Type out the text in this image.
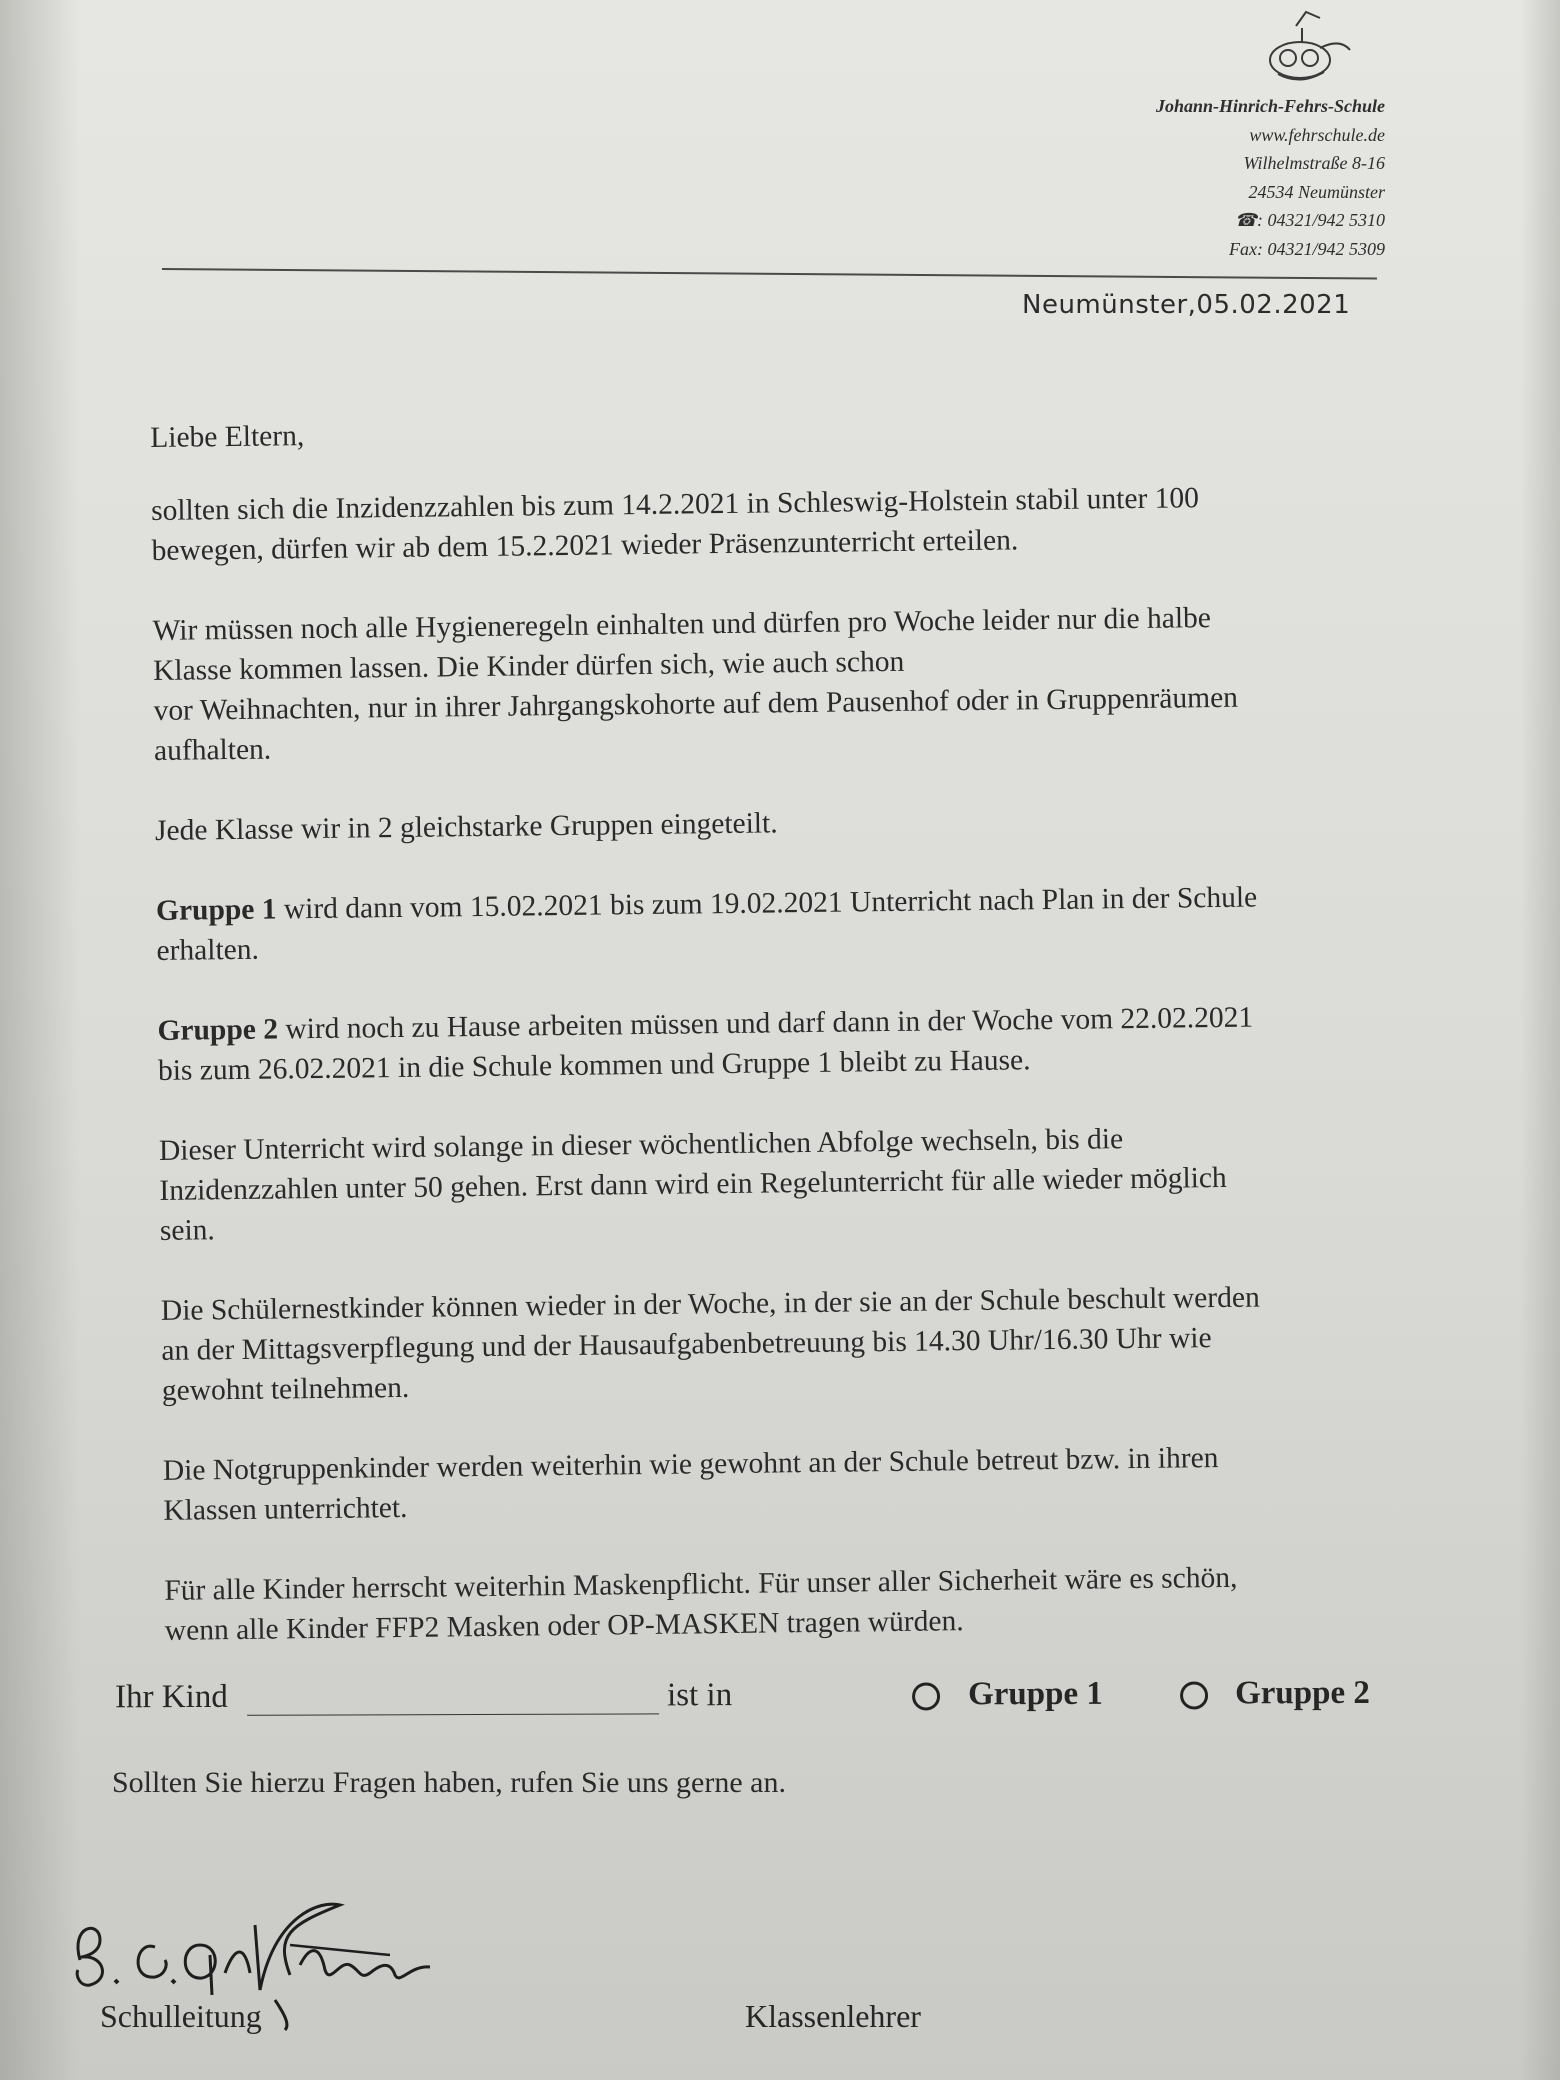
Johann-Hinrich-Fehrs-Schule
www.fehrschule.de
Wilhelmstraße 8-16
24534 Neumünster
☎: 04321/942 5310
Fax: 04321/942 5309
Neumünster,05.02.2021

Liebe Eltern,

sollten sich die Inzidenzzahlen bis zum 14.2.2021 in Schleswig-Holstein stabil unter 100

bewegen, dürfen wir ab dem 15.2.2021 wieder Präsenzunterricht erteilen.

Wir müssen noch alle Hygieneregeln einhalten und dürfen pro Woche leider nur die halbe

Klasse kommen lassen. Die Kinder dürfen sich, wie auch schon

vor Weihnachten, nur in ihrer Jahrgangskohorte auf dem Pausenhof oder in Gruppenräumen

aufhalten.

Jede Klasse wir in 2 gleichstarke Gruppen eingeteilt.

Gruppe 1 wird dann vom 15.02.2021 bis zum 19.02.2021 Unterricht nach Plan in der Schule

erhalten.

Gruppe 2 wird noch zu Hause arbeiten müssen und darf dann in der Woche vom 22.02.2021

bis zum 26.02.2021 in die Schule kommen und Gruppe 1 bleibt zu Hause.

Dieser Unterricht wird solange in dieser wöchentlichen Abfolge wechseln, bis die

Inzidenzzahlen unter 50 gehen. Erst dann wird ein Regelunterricht für alle wieder möglich

sein.

Die Schülernestkinder können wieder in der Woche, in der sie an der Schule beschult werden

an der Mittagsverpflegung und der Hausaufgabenbetreuung bis 14.30 Uhr/16.30 Uhr wie

gewohnt teilnehmen.

Die Notgruppenkinder werden weiterhin wie gewohnt an der Schule betreut bzw. in ihren

Klassen unterrichtet.

Für alle Kinder herrscht weiterhin Maskenpflicht. Für unser aller Sicherheit wäre es schön,

wenn alle Kinder FFP2 Masken oder OP-MASKEN tragen würden.

Ihr Kind	ist in	Gruppe 1	Gruppe 2
Sollten Sie hierzu Fragen haben, rufen Sie uns gerne an.
Schulleitung	Klassenlehrer
